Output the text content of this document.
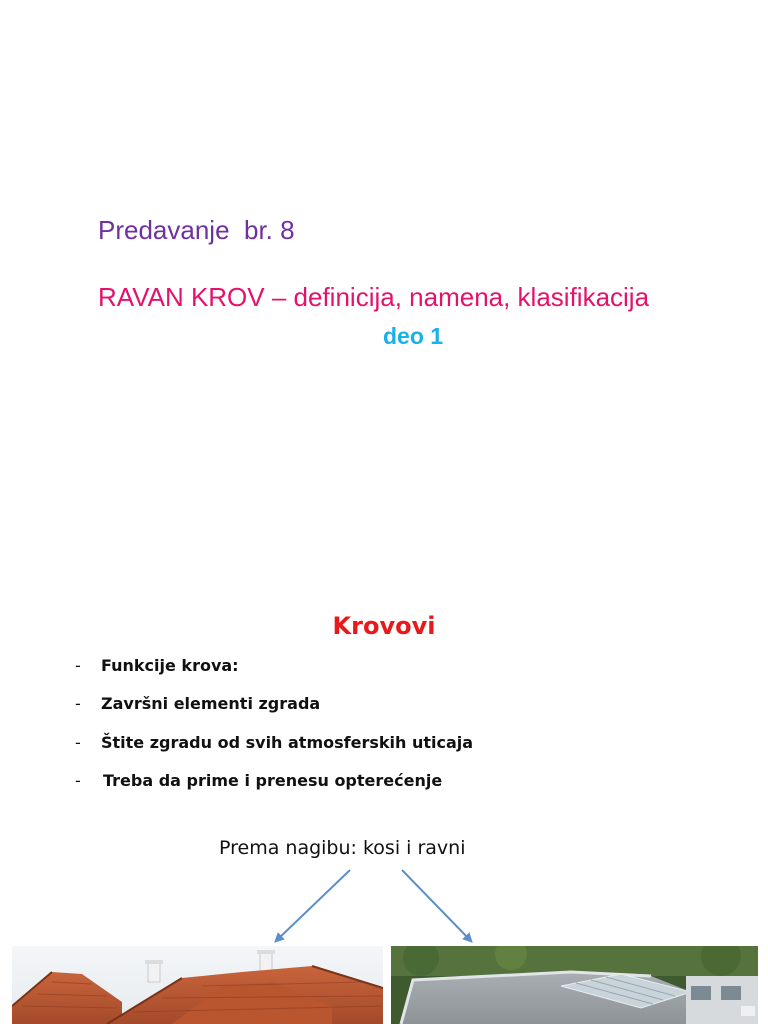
Predavanje  br. 8
RAVAN KROV – definicija, namena, klasifikacija
deo 1
Krovovi
- Funkcije krova:
- Završni elementi zgrada
- Štite zgradu od svih atmosferskih uticaja
- Treba da prime i prenesu opterećenje
Prema nagibu: kosi i ravni
